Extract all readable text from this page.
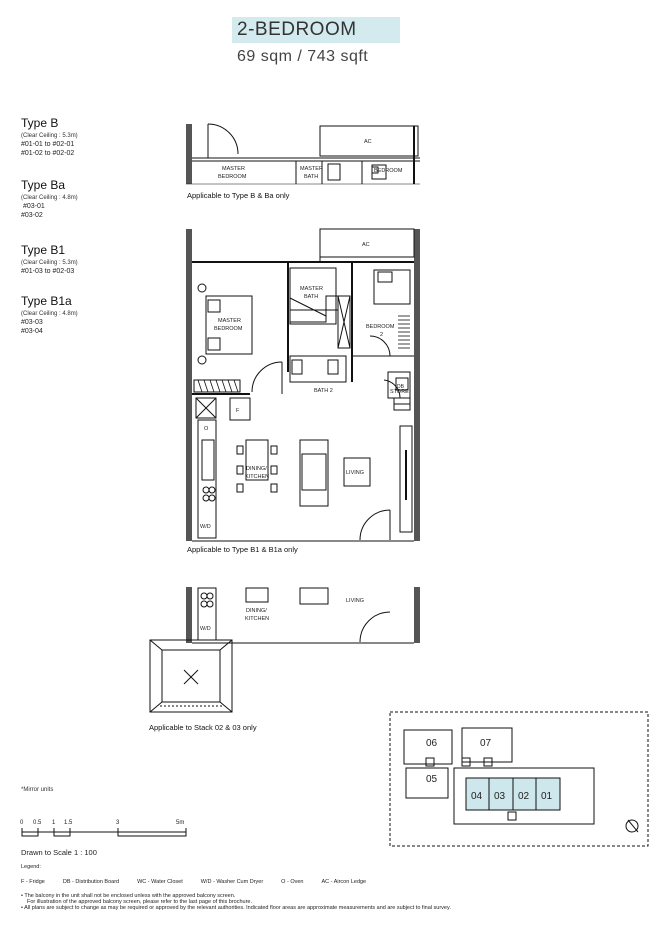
2-BEDROOM
69 sqm / 743 sqft
Type B
(Clear Ceiling : 5.3m)
#01-01 to #02-01
#01-02 to #02-02
Type Ba
(Clear Ceiling : 4.8m)
#03-01
#03-02
Type B1
(Clear Ceiling : 5.3m)
#01-03 to #02-03
Type B1a
(Clear Ceiling : 4.8m)
#03-03
#03-04
AC
MASTER
BEDROOM
MASTER
BATH
BEDROOM
AC
MASTER
BEDROOM
MASTER
BATH
BEDROOM
2
BATH 2	STORE
DB
F
O
W/D
DINING/
KITCHEN
LIVING
W/D
DINING/
KITCHEN
LIVING
06	07
05
04 03 02 01
0 0.5 1 1.5	3	5m
Applicable to Type B & Ba only
Applicable to Type B1 & B1a only
Applicable to Stack 02 & 03 only
*Mirror units
Drawn to Scale 1 : 100
Legend:
F - Fridge	DB - Distribution Board	WC - Water Closet	W/D - Washer Cum Dryer	O - Oven	AC - Aircon Ledge
• The balcony in the unit shall not be enclosed unless with the approved balcony screen.
For illustration of the approved balcony screen, please refer to the last page of this brochure.
• All plans are subject to change as may be required or approved by the relevant authorities. Indicated floor areas are approximate measurements and are subject to final survey.
